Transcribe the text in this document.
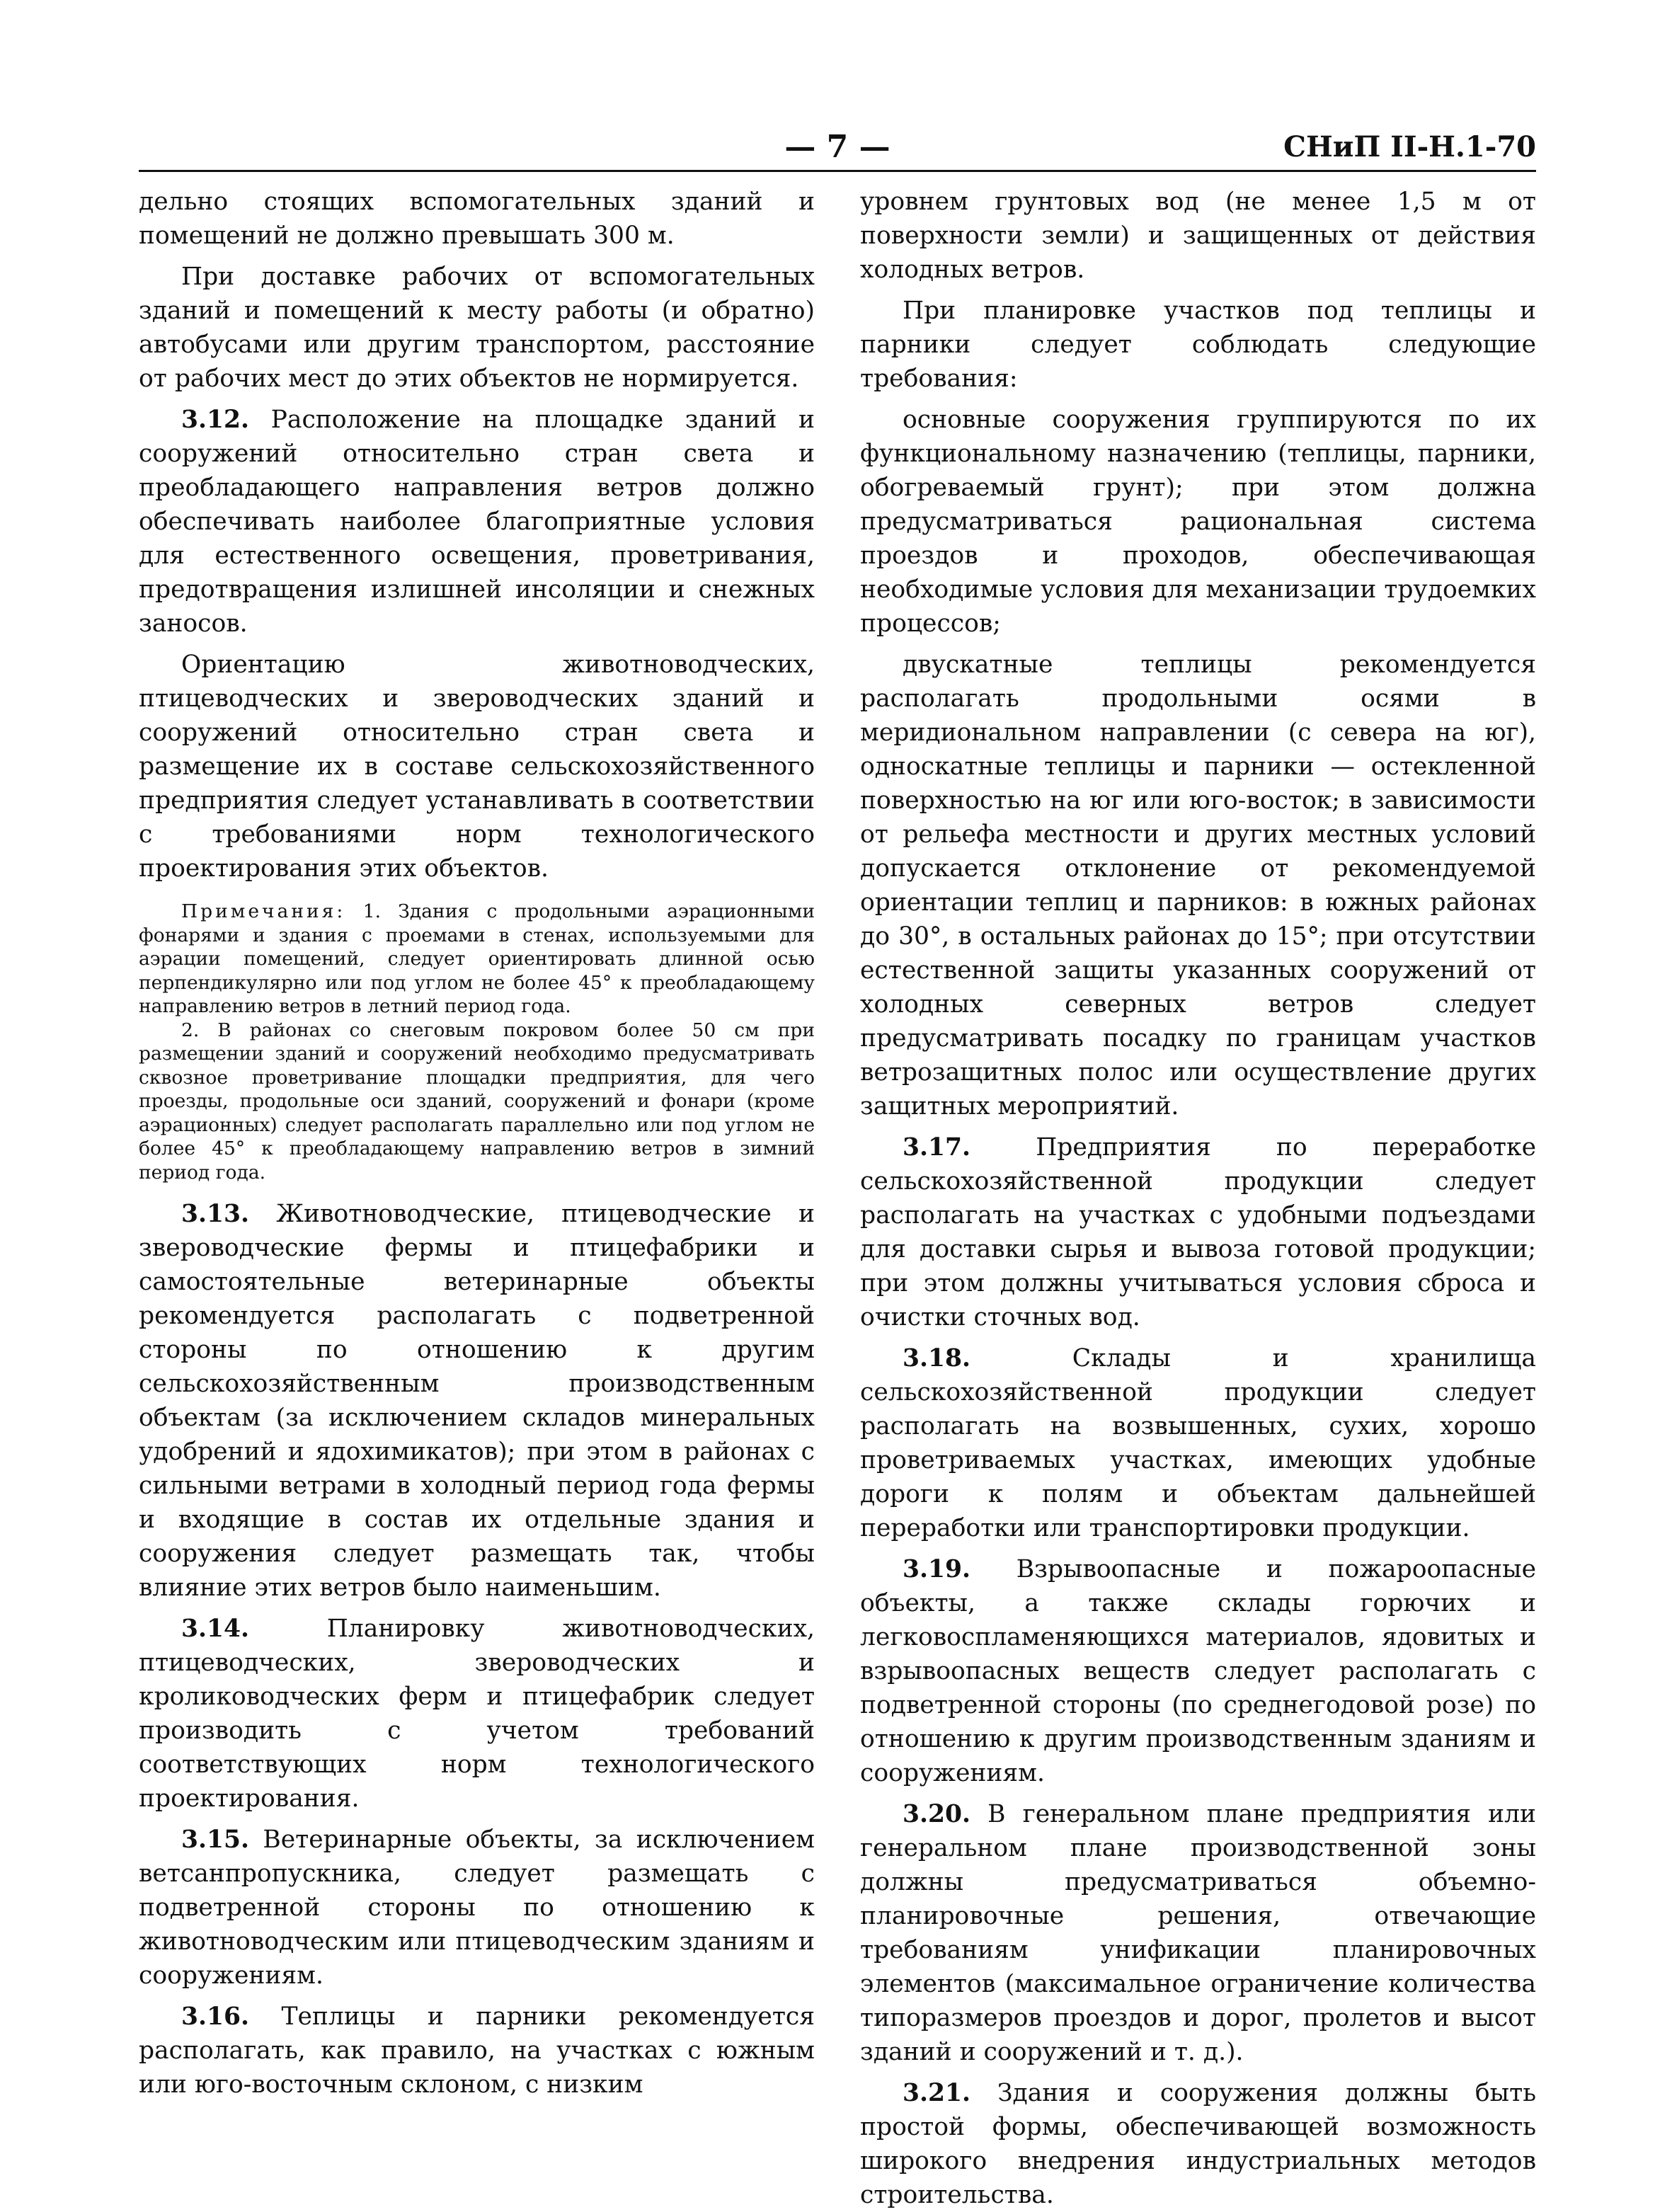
— 7 —	СНиП II-Н.1-70

дельно стоящих вспомогательных зданий и помещений не должно превышать 300 м.

При доставке рабочих от вспомогательных зданий и помещений к месту работы (и обратно) автобусами или другим транспортом, расстояние от рабочих мест до этих объектов не нормируется.

3.12. Расположение на площадке зданий и сооружений относительно стран света и преобладающего направления ветров должно обеспечивать наиболее благоприятные условия для естественного освещения, проветривания, предотвращения излишней инсоляции и снежных заносов.

Ориентацию животноводческих, птицеводческих и звероводческих зданий и сооружений относительно стран света и размещение их в составе сельскохозяйственного предприятия следует устанавливать в соответствии с требованиями норм технологического проектирования этих объектов.

Примечания: 1. Здания с продольными аэрационными фонарями и здания с проемами в стенах, используемыми для аэрации помещений, следует ориентировать длинной осью перпендикулярно или под углом не более 45° к преобладающему направлению ветров в летний период года.

2. В районах со снеговым покровом более 50 см при размещении зданий и сооружений необходимо предусматривать сквозное проветривание площадки предприятия, для чего проезды, продольные оси зданий, сооружений и фонари (кроме аэрационных) следует располагать параллельно или под углом не более 45° к преобладающему направлению ветров в зимний период года.

3.13. Животноводческие, птицеводческие и звероводческие фермы и птицефабрики и самостоятельные ветеринарные объекты рекомендуется располагать с подветренной стороны по отношению к другим сельскохозяйственным производственным объектам (за исключением складов минеральных удобрений и ядохимикатов); при этом в районах с сильными ветрами в холодный период года фермы и входящие в состав их отдельные здания и сооружения следует размещать так, чтобы влияние этих ветров было наименьшим.

3.14.	Планировку животноводческих, птицеводческих, звероводческих и кролиководческих ферм и птицефабрик следует производить с учетом требований соответствующих норм технологического проектирования.

3.15. Ветеринарные объекты, за исключением ветсанпропускника, следует размещать с подветренной стороны по отношению к животноводческим или птицеводческим зданиям и сооружениям.

3.16. Теплицы и парники рекомендуется располагать, как правило, на участках с южным или юго-восточным склоном, с низким

уровнем грунтовых вод (не менее 1,5 м от поверхности земли) и защищенных от действия холодных ветров.

При планировке участков под теплицы и парники следует соблюдать следующие требования:

основные сооружения группируются по их функциональному назначению (теплицы, парники, обогреваемый грунт); при этом должна предусматриваться рациональная система проездов и проходов, обеспечивающая необходимые условия для механизации трудоемких процессов;

двускатные теплицы рекомендуется располагать продольными осями в меридиональном направлении (с севера на юг), односкатные теплицы и парники — остекленной поверхностью на юг или юго-восток; в зависимости от рельефа местности и других местных условий допускается отклонение от рекомендуемой ориентации теплиц и парников: в южных районах до 30°, в остальных районах до 15°; при отсутствии естественной защиты указанных сооружений от холодных северных ветров следует предусматривать посадку по границам участков ветрозащитных полос или осуществление других защитных мероприятий.

3.17.	Предприятия по переработке сельскохозяйственной продукции следует располагать на участках с удобными подъездами для доставки сырья и вывоза готовой продукции; при этом должны учитываться условия сброса и очистки сточных вод.

3.18.	Склады и хранилища сельскохозяйственной продукции следует располагать на возвышенных, сухих, хорошо проветриваемых участках, имеющих удобные дороги к полям и объектам дальнейшей переработки или транспортировки продукции.

3.19. Взрывоопасные и пожароопасные объекты, а также склады горючих и легковоспламеняющихся материалов, ядовитых и взрывоопасных веществ следует располагать с подветренной стороны (по среднегодовой розе) по отношению к другим производственным зданиям и сооружениям.

3.20. В генеральном плане предприятия или генеральном плане производственной зоны должны предусматриваться объемно-планировочные решения, отвечающие требованиям унификации планировочных элементов (максимальное ограничение количества типоразмеров проездов и дорог, пролетов и высот зданий и сооружений и т. д.).

3.21. Здания и сооружения должны быть простой формы, обеспечивающей возможность широкого внедрения индустриальных методов строительства.
